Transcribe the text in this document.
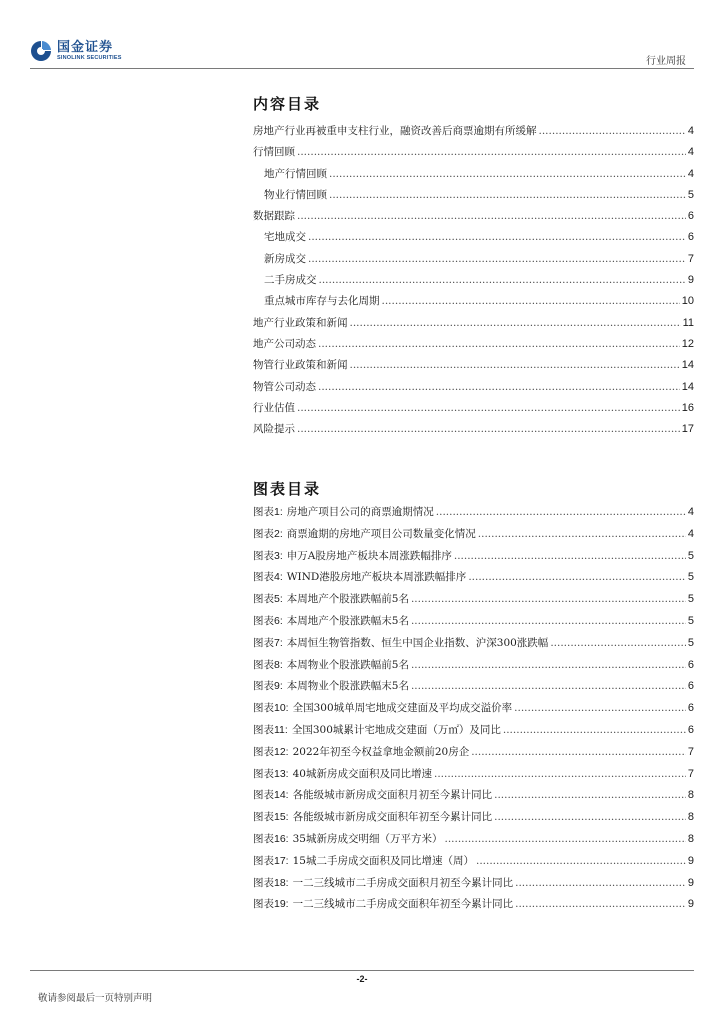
国金证券
SINOLINK SECURITIES	行业周报
内容目录
房地产行业再被重申支柱行业，融资改善后商票逾期有所缓解 .....	4
行情回顾 .....	4
地产行情回顾 .....	4
物业行情回顾 .....	5
数据跟踪 .....	6
宅地成交 .....	6
新房成交 .....	7
二手房成交 .....	9
重点城市库存与去化周期 .....	10
地产行业政策和新闻 .....	11
地产公司动态 .....	12
物管行业政策和新闻 .....	14
物管公司动态 .....	14
行业估值 .....	16
风险提示 .....	17
图表目录
图表1: 房地产项目公司的商票逾期情况 .....	4
图表2: 商票逾期的房地产项目公司数量变化情况 .....	4
图表3: 申万A股房地产板块本周涨跌幅排序 .....	5
图表4: WIND港股房地产板块本周涨跌幅排序 .....	5
图表5: 本周地产个股涨跌幅前5名 .....	5
图表6: 本周地产个股涨跌幅末5名 .....	5
图表7: 本周恒生物管指数、恒生中国企业指数、沪深300涨跌幅 .....	5
图表8: 本周物业个股涨跌幅前5名 .....	6
图表9: 本周物业个股涨跌幅末5名 .....	6
图表10: 全国300城单周宅地成交建面及平均成交溢价率 .....	6
图表11: 全国300城累计宅地成交建面（万㎡）及同比 .....	6
图表12: 2022年初至今权益拿地金额前20房企 .....	7
图表13: 40城新房成交面积及同比增速 .....	7
图表14: 各能级城市新房成交面积月初至今累计同比 .....	8
图表15: 各能级城市新房成交面积年初至今累计同比 .....	8
图表16: 35城新房成交明细（万平方米） .....	8
图表17: 15城二手房成交面积及同比增速（周） .....	9
图表18: 一二三线城市二手房成交面积月初至今累计同比 .....	9
图表19: 一二三线城市二手房成交面积年初至今累计同比 .....	9
-2-
敬请参阅最后一页特别声明
